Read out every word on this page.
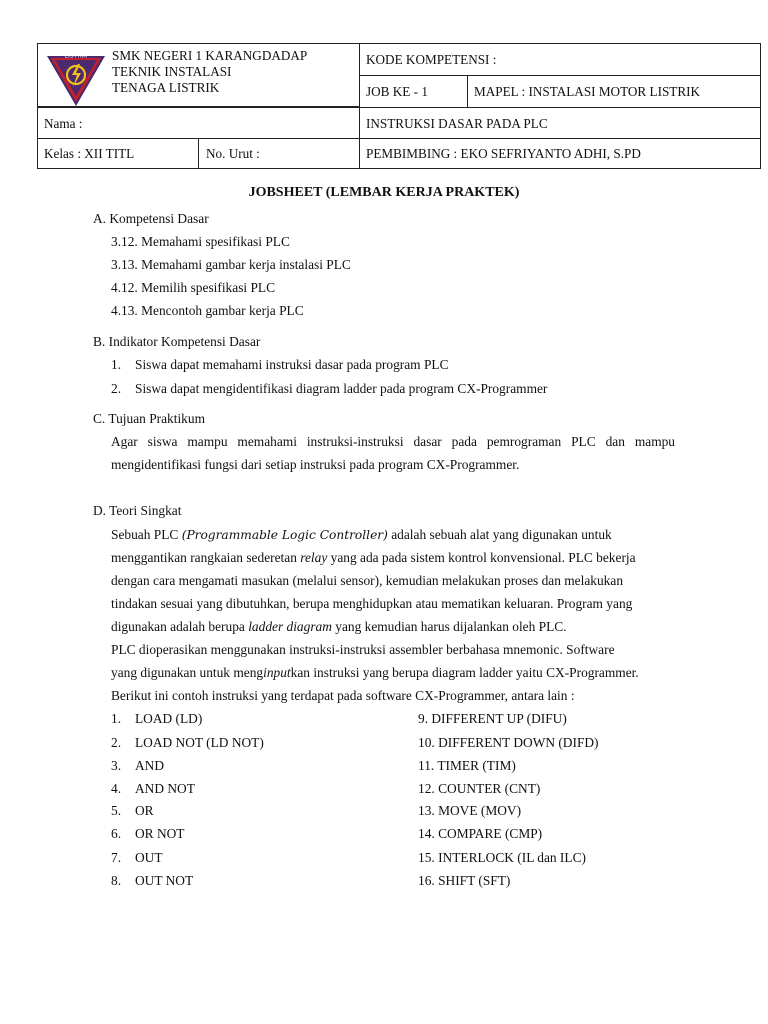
LISTRIK SMK NEGERI 1 KARANGDADAP
TEKNIK INSTALASI
TENAGA LISTRIK
KODE KOMPETENSI :
JOB KE - 1	MAPEL : INSTALASI MOTOR LISTRIK
Nama :	INSTRUKSI DASAR PADA PLC
Kelas : XII TITL	No. Urut :	PEMBIMBING : EKO SEFRIYANTO ADHI, S.PD
JOBSHEET (LEMBAR KERJA PRAKTEK)
A. Kompetensi Dasar
3.12. Memahami spesifikasi PLC
3.13. Memahami gambar kerja instalasi PLC
4.12. Memilih spesifikasi PLC
4.13. Mencontoh gambar kerja PLC
B. Indikator Kompetensi Dasar
1. Siswa dapat memahami instruksi dasar pada program PLC
2. Siswa dapat mengidentifikasi diagram ladder pada program CX-Programmer
C. Tujuan Praktikum
Agar siswa mampu memahami instruksi-instruksi dasar pada pemrograman PLC dan mampu
mengidentifikasi fungsi dari setiap instruksi pada program CX-Programmer.
D. Teori Singkat
Sebuah PLC (Programmable Logic Controller) adalah sebuah alat yang digunakan untuk
menggantikan rangkaian sederetan relay yang ada pada sistem kontrol konvensional. PLC bekerja
dengan cara mengamati masukan (melalui sensor), kemudian melakukan proses dan melakukan
tindakan sesuai yang dibutuhkan, berupa menghidupkan atau mematikan keluaran. Program yang
digunakan adalah berupa ladder diagram yang kemudian harus dijalankan oleh PLC.
PLC dioperasikan menggunakan instruksi-instruksi assembler berbahasa mnemonic. Software
yang digunakan untuk menginputkan instruksi yang berupa diagram ladder yaitu CX-Programmer.
Berikut ini contoh instruksi yang terdapat pada software CX-Programmer, antara lain :
1. LOAD (LD)
2. LOAD NOT (LD NOT)
3. AND
4. AND NOT
5. OR
6. OR NOT
7. OUT
8. OUT NOT
9. DIFFERENT UP (DIFU)
10. DIFFERENT DOWN (DIFD)
11. TIMER (TIM)
12. COUNTER (CNT)
13. MOVE (MOV)
14. COMPARE (CMP)
15. INTERLOCK (IL dan ILC)
16. SHIFT (SFT)
